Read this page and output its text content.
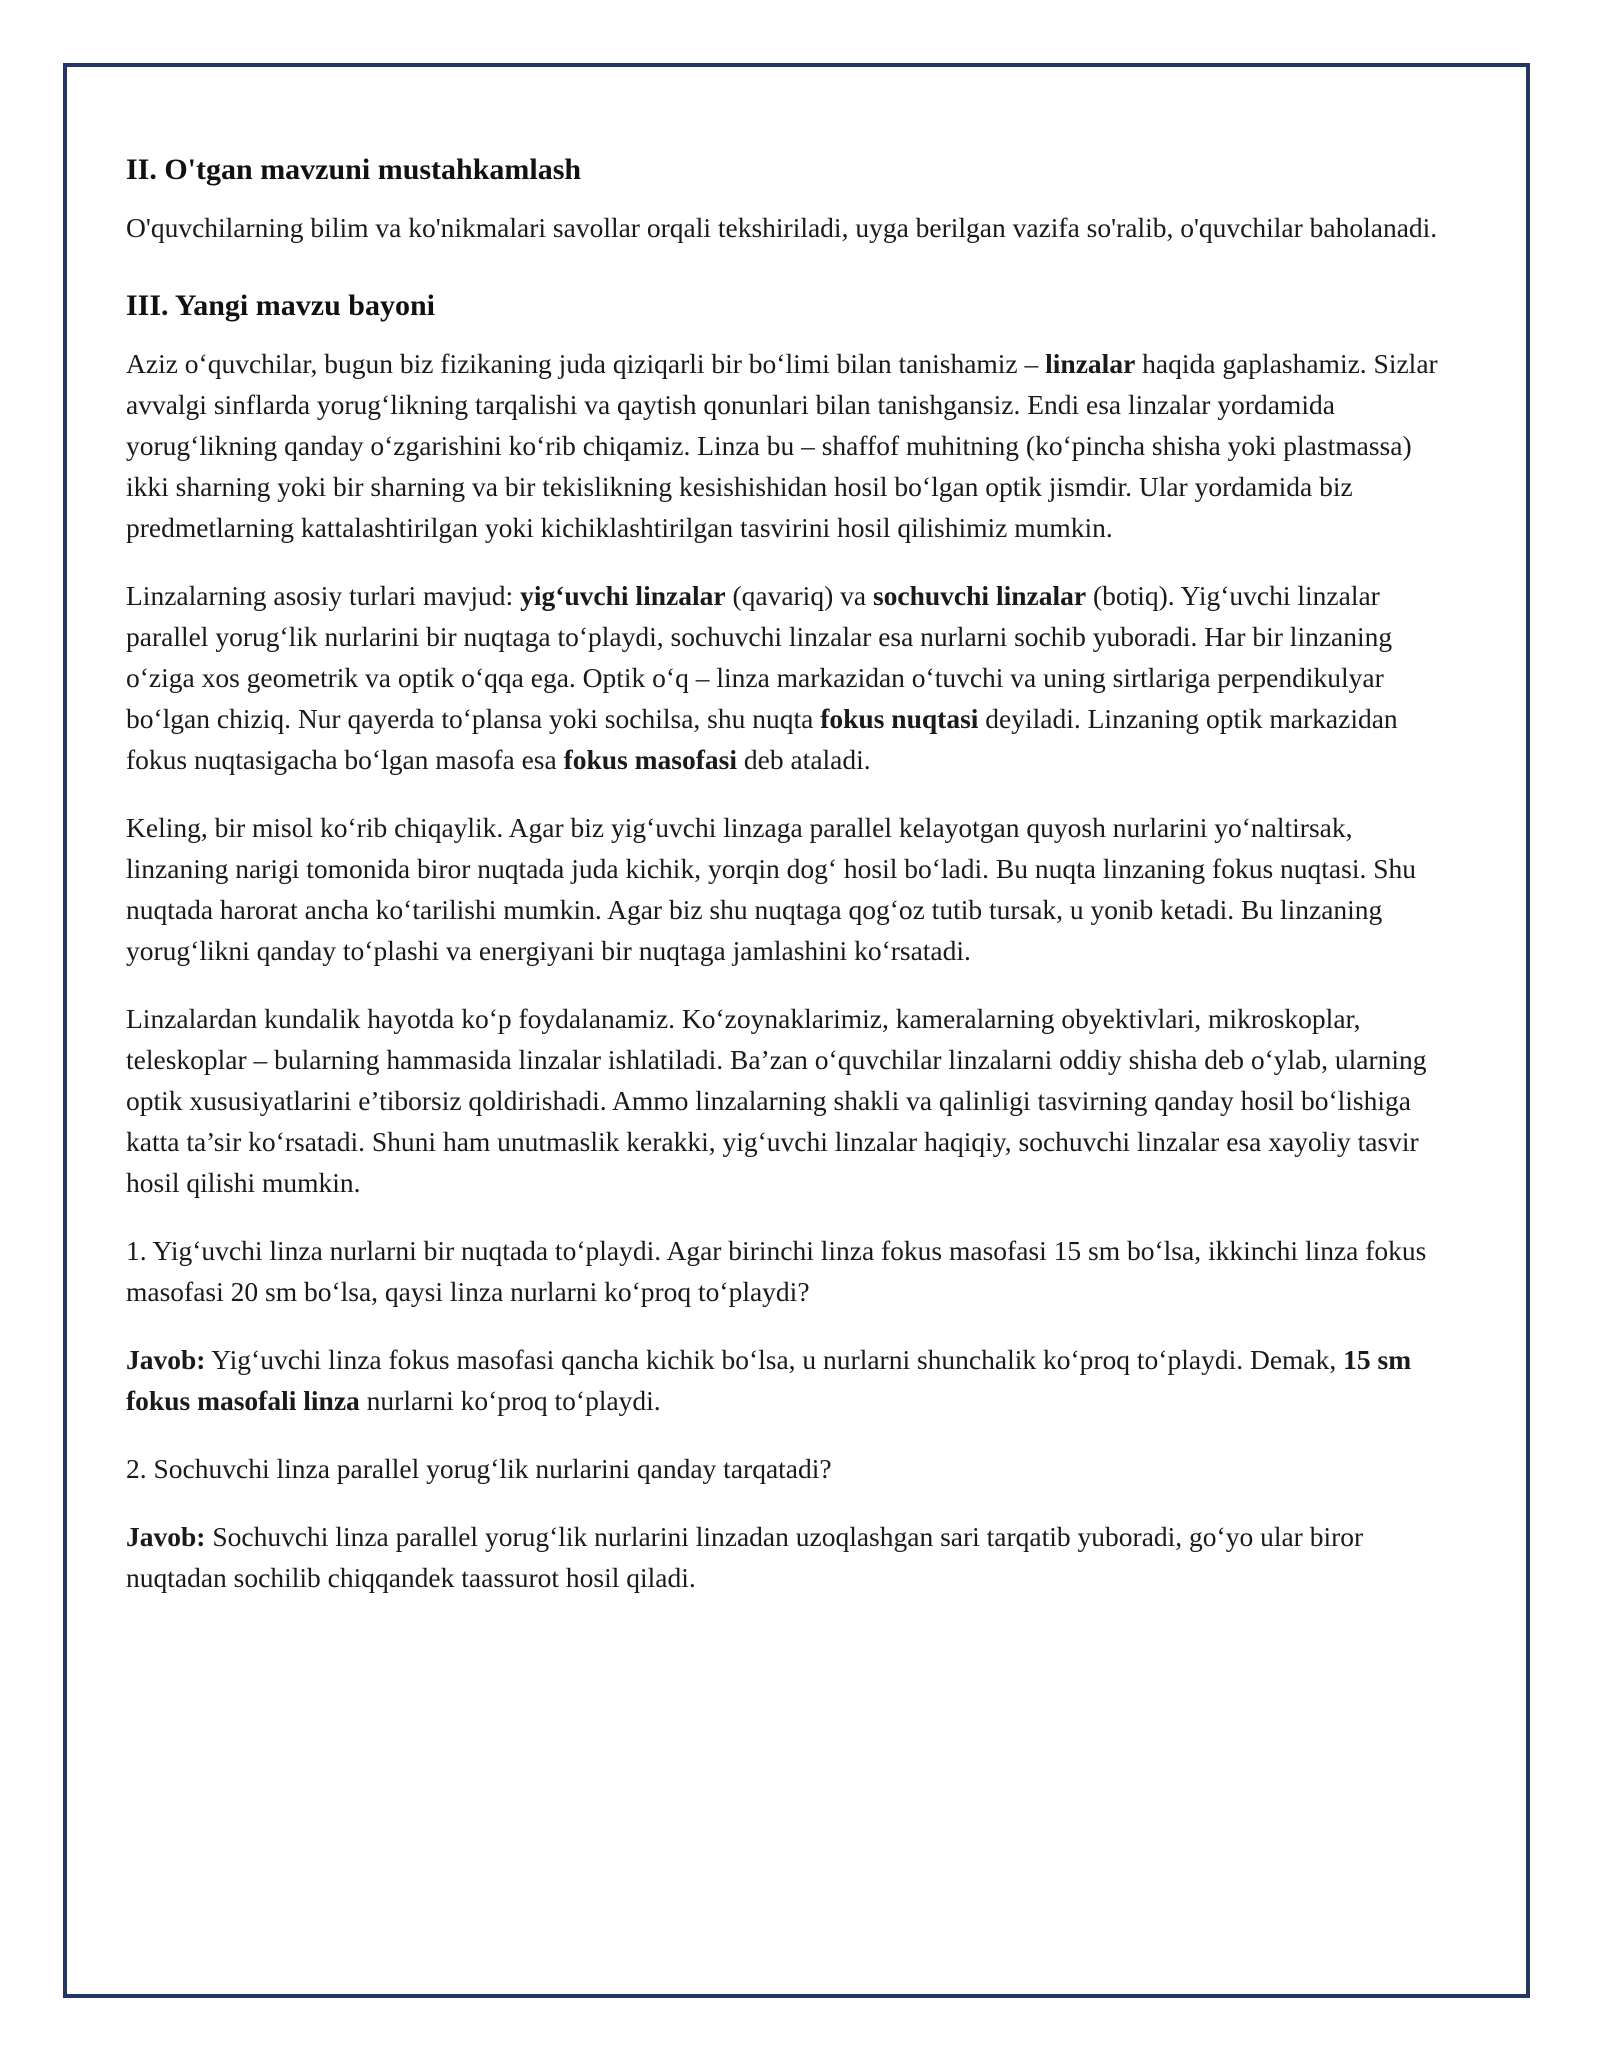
II. O'tgan mavzuni mustahkamlash

O'quvchilarning bilim va ko'nikmalari savollar orqali tekshiriladi, uyga berilgan vazifa so'ralib, o'quvchilar baholanadi.

III. Yangi mavzu bayoni

Aziz o‘quvchilar, bugun biz fizikaning juda qiziqarli bir bo‘limi bilan tanishamiz – linzalar haqida gaplashamiz. Sizlar avvalgi sinflarda yorug‘likning tarqalishi va qaytish qonunlari bilan tanishgansiz. Endi esa linzalar yordamida yorug‘likning qanday o‘zgarishini ko‘rib chiqamiz. Linza bu – shaffof muhitning (ko‘pincha shisha yoki plastmassa) ikki sharning yoki bir sharning va bir tekislikning kesishishidan hosil bo‘lgan optik jismdir. Ular yordamida biz predmetlarning kattalashtirilgan yoki kichiklashtirilgan tasvirini hosil qilishimiz mumkin.

Linzalarning asosiy turlari mavjud: yig‘uvchi linzalar (qavariq) va sochuvchi linzalar (botiq). Yig‘uvchi linzalar parallel yorug‘lik nurlarini bir nuqtaga to‘playdi, sochuvchi linzalar esa nurlarni sochib yuboradi. Har bir linzaning o‘ziga xos geometrik va optik o‘qqa ega. Optik o‘q – linza markazidan o‘tuvchi va uning sirtlariga perpendikulyar bo‘lgan chiziq. Nur qayerda to‘plansa yoki sochilsa, shu nuqta fokus nuqtasi deyiladi. Linzaning optik markazidan fokus nuqtasigacha bo‘lgan masofa esa fokus masofasi deb ataladi.

Keling, bir misol ko‘rib chiqaylik. Agar biz yig‘uvchi linzaga parallel kelayotgan quyosh nurlarini yo‘naltirsak, linzaning narigi tomonida biror nuqtada juda kichik, yorqin dog‘ hosil bo‘ladi. Bu nuqta linzaning fokus nuqtasi. Shu nuqtada harorat ancha ko‘tarilishi mumkin. Agar biz shu nuqtaga qog‘oz tutib tursak, u yonib ketadi. Bu linzaning yorug‘likni qanday to‘plashi va energiyani bir nuqtaga jamlashini ko‘rsatadi.

Linzalardan kundalik hayotda ko‘p foydalanamiz. Ko‘zoynaklarimiz, kameralarning obyektivlari, mikroskoplar, teleskoplar – bularning hammasida linzalar ishlatiladi. Ba’zan o‘quvchilar linzalarni oddiy shisha deb o‘ylab, ularning optik xususiyatlarini e’tiborsiz qoldirishadi. Ammo linzalarning shakli va qalinligi tasvirning qanday hosil bo‘lishiga katta ta’sir ko‘rsatadi. Shuni ham unutmaslik kerakki, yig‘uvchi linzalar haqiqiy, sochuvchi linzalar esa xayoliy tasvir hosil qilishi mumkin.

1. Yig‘uvchi linza nurlarni bir nuqtada to‘playdi. Agar birinchi linza fokus masofasi 15 sm bo‘lsa, ikkinchi linza fokus masofasi 20 sm bo‘lsa, qaysi linza nurlarni ko‘proq to‘playdi?

Javob: Yig‘uvchi linza fokus masofasi qancha kichik bo‘lsa, u nurlarni shunchalik ko‘proq to‘playdi. Demak, 15 sm fokus masofali linza nurlarni ko‘proq to‘playdi.

2. Sochuvchi linza parallel yorug‘lik nurlarini qanday tarqatadi?

Javob: Sochuvchi linza parallel yorug‘lik nurlarini linzadan uzoqlashgan sari tarqatib yuboradi, go‘yo ular biror nuqtadan sochilib chiqqandek taassurot hosil qiladi.
